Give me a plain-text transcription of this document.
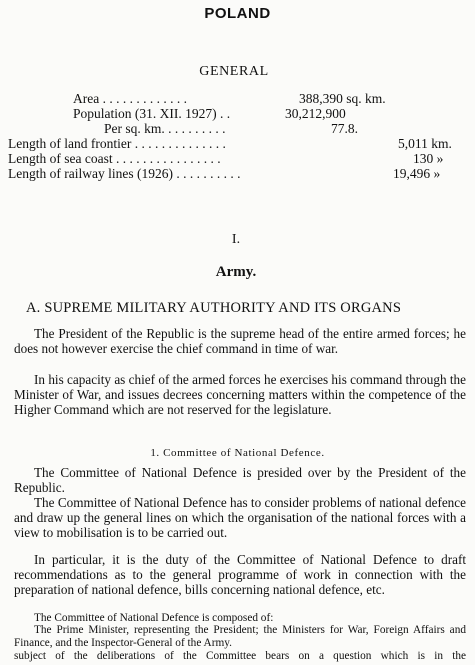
POLAND
GENERAL
Area . . . . . . . . . . . . .	388,390 sq. km.
Population (31. XII. 1927) . .	30,212,900
Per sq. km. . . . . . . . . .	77.8.
Length of land frontier . . . . . . . . . . . . . .	5,011 km.
Length of sea coast . . . . . . . . . . . . . . . .	130 »
Length of railway lines (1926) . . . . . . . . . .	19,496 »
I.
Army.
A. SUPREME MILITARY AUTHORITY AND ITS ORGANS
The President of the Republic is the supreme head of the entire armed forces; he does not however exercise the chief command in time of war.
In his capacity as chief of the armed forces he exercises his command through the Minister of War, and issues decrees concerning matters within the competence of the Higher Command which are not reserved for the legislature.
1. Committee of National Defence.
The Committee of National Defence is presided over by the President of the Republic.
The Committee of National Defence has to consider problems of national defence and draw up the general lines on which the organisation of the national forces with a view to mobilisation is to be carried out.
In particular, it is the duty of the Committee of National Defence to draft recommendations as to the general programme of work in connection with the preparation of national defence, bills concerning national defence, etc.
The Committee of National Defence is composed of:
The Prime Minister, representing the President; the Ministers for War, Foreign Affairs and Finance, and the Inspector-General of the Army.
subject of the deliberations of the Committee bears on a question which is in the
